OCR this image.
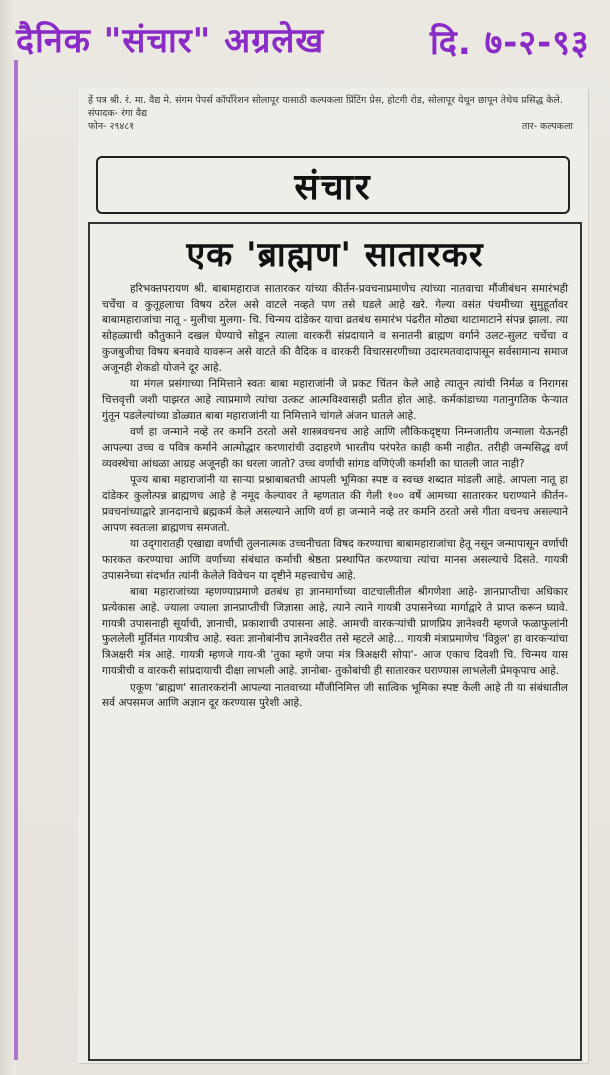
दैनिक "संचार" अग्रलेख	दि. ७-२-९३
हें पत्र श्री. रं. मा. वैद्य मे. संगम पेपर्स कॉर्पोरेशन सोलापूर यासाठी कल्पकला प्रिंटिंग प्रेस, होटगी रोड, सोलापूर येथून छापून तेथेच प्रसिद्ध केले. संपादक- रंगा वैद्य
फोन- २९४८१	तार- कल्पकला
संचार
एक 'ब्राह्मण' सातारकर

हरिभक्तपरायण श्री. बाबामहाराज सातारकर यांच्या कीर्तन-प्रवचनाप्रमाणेच त्यांच्या नातवाचा मौंजीबंधन समारंभही चर्चेचा व कुतूहलाचा विषय ठरेल असे वाटले नव्हते पण तसे घडले आहे खरे. गेल्या वसंत पंचमीच्या सुमुहूर्तावर बाबामहाराजांचा नातू - मुलीचा मुलगा- चि. चिन्मय दांडेकर याचा व्रतबंध समारंभ पंढरीत मोठ्या थाटामाटाने संपन्न झाला. त्या सोहळ्याची कौतुकाने दखल घेण्याचे सोडून त्याला वारकरी संप्रदायाने व सनातनी ब्राह्मण वर्गाने उलट-सुलट चर्चेचा व कुजबुजीचा विषय बनवावे यावरून असे वाटते की वैदिक व वारकरी विचारसरणीच्या उदारमतवादापासून सर्वसामान्य समाज अजूनही शेकडो योजने दूर आहे.

या मंगल प्रसंगाच्या निमित्ताने स्वतः बाबा महाराजांनी जे प्रकट चिंतन केले आहे त्यातून त्यांची निर्मळ व निरागस चित्तवृत्ती जशी पाझरत आहे त्याप्रमाणे त्यांचा उत्कट आत्मविश्वासही प्रतीत होत आहे. कर्मकांडाच्या गतानुगतिक फेऱ्यात गुंतून पडलेल्यांच्या डोळ्यात बाबा महाराजांनी या निमित्ताने चांगले अंजन घातले आहे.

वर्ण हा जन्माने नव्हे तर कमनि ठरतो असे शास्त्रवचनच आहे आणि लौकिकदृष्ट्या निम्नजातीय जन्माला येऊनही आपल्या उच्च व पवित्र कर्माने आत्मोद्धार करणारांची उदाहरणे भारतीय परंपरेत काही कमी नाहीत. तरीही जन्मसिद्ध वर्ण व्यवस्थेचा आंधळा आग्रह अजूनही का धरला जातो? उच्च वर्णाची सांगड वणिएंजी कर्माशी का घातली जात नाही?

पूज्य बाबा महाराजांनी या साऱ्या प्रश्नाबाबतची आपली भूमिका स्पष्ट व स्वच्छ शब्दात मांडली आहे. आपला नातू हा दांडेकर कुलोत्पन्न ब्राह्मणच आहे हे नमूद केल्यावर ते म्हणतात की गेली १०० वर्षे आमच्या सातारकर घराण्याने कीर्तन- प्रवचनांच्याद्वारे ज्ञानदानाचे ब्रह्मकर्म केले असल्याने आणि वर्ण हा जन्माने नव्हे तर कमनि ठरतो असे गीता वचनच असल्याने आपण स्वतःला ब्राह्मणच समजतो.

या उद्‌गारातही एखाद्या वर्णाची तुलनात्मक उच्चनीचता विषद करण्याचा बाबामहाराजांचा हेतू नसून जन्मापासून वर्णाची फारकत करण्याचा आणि वर्णाच्या संबंधात कर्माची श्रेष्ठता प्रस्थापित करण्याचा त्यांचा मानस असल्याचे दिसते. गायत्री उपासनेच्या संदर्भात त्यांनी केलेले विवेचन या दृष्टीने महत्त्वाचेच आहे.

बाबा महाराजांच्या म्हणण्याप्रमाणे व्रतबंध हा ज्ञानमार्गाच्या वाटचालीतील श्रीगणेशा आहे- ज्ञानप्राप्तीचा अधिकार प्रत्येकास आहे. ज्याला ज्याला ज्ञानप्राप्तीची जिज्ञासा आहे, त्याने त्याने गायत्री उपासनेच्या मार्गाद्वारे ते प्राप्त करून घ्यावे. गायत्री उपासनाही सूर्याची, ज्ञानाची, प्रकाशाची उपासना आहे. आमची वारकऱ्यांची प्राणप्रिय ज्ञानेश्वरी म्हणजे फळाफुलांनी फुललेली मूर्तिमंत गायत्रीच आहे. स्वतः ज्ञानोबांनीच ज्ञानेश्वरीत तसे म्हटले आहे... गायत्री मंत्राप्रमाणेच 'विठ्ठल' हा वारकऱ्यांचा त्रिअक्षरी मंत्र आहे. गायत्री म्हणजे गाय-त्री 'तुका म्हणे जपा मंत्र त्रिअक्षरी सोपा'- आज एकाच दिवशी चि. चिन्मय यास गायत्रीची व वारकरी सांप्रदायाची दीक्षा लाभली आहे. ज्ञानोबा- तुकोबांची ही सातारकर घराण्यास लाभलेली प्रेमकृपाच आहे.

एकूण 'ब्राह्मण' सातारकरांनी आपल्या नातवाच्या मौंजीनिमित्त जी सात्विक भूमिका स्पष्ट केली आहे ती या संबंधातील सर्व अपसमज आणि अज्ञान दूर करण्यास पुरेशी आहे.
